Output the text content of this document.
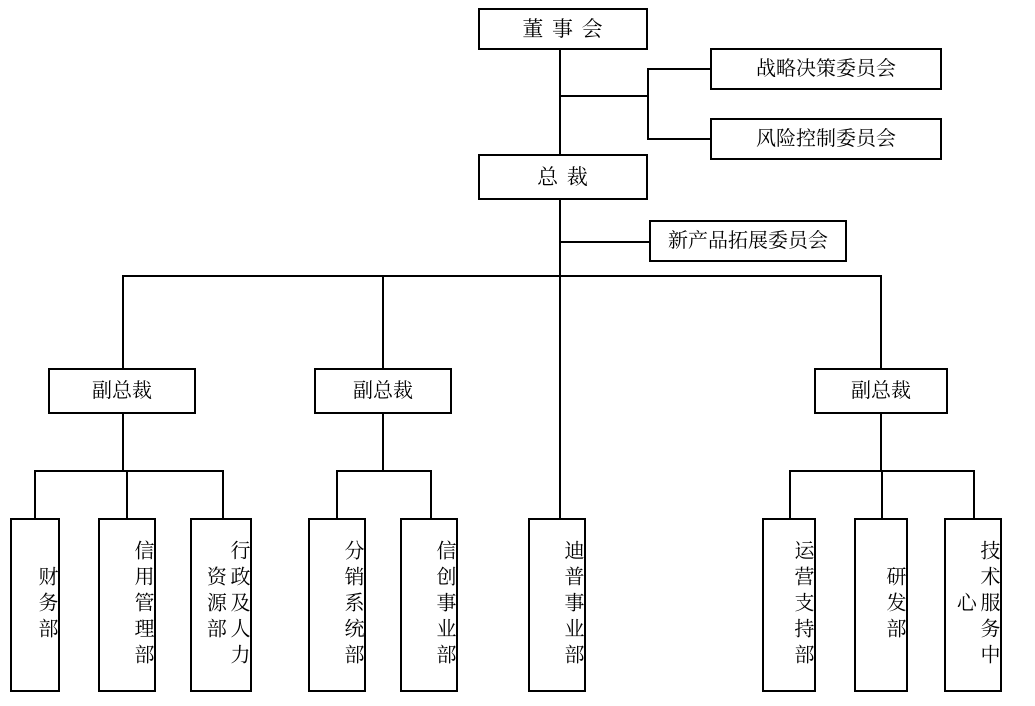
董 事 会
战略决策委员会
风险控制委员会
总 裁
新产品拓展委员会
副总裁	副总裁	副总裁
财务部	信用管理部	行政及人力资源部	分销系统部	信创事业部	迪普事业部	运营支持部	研发部	技术服务中心
